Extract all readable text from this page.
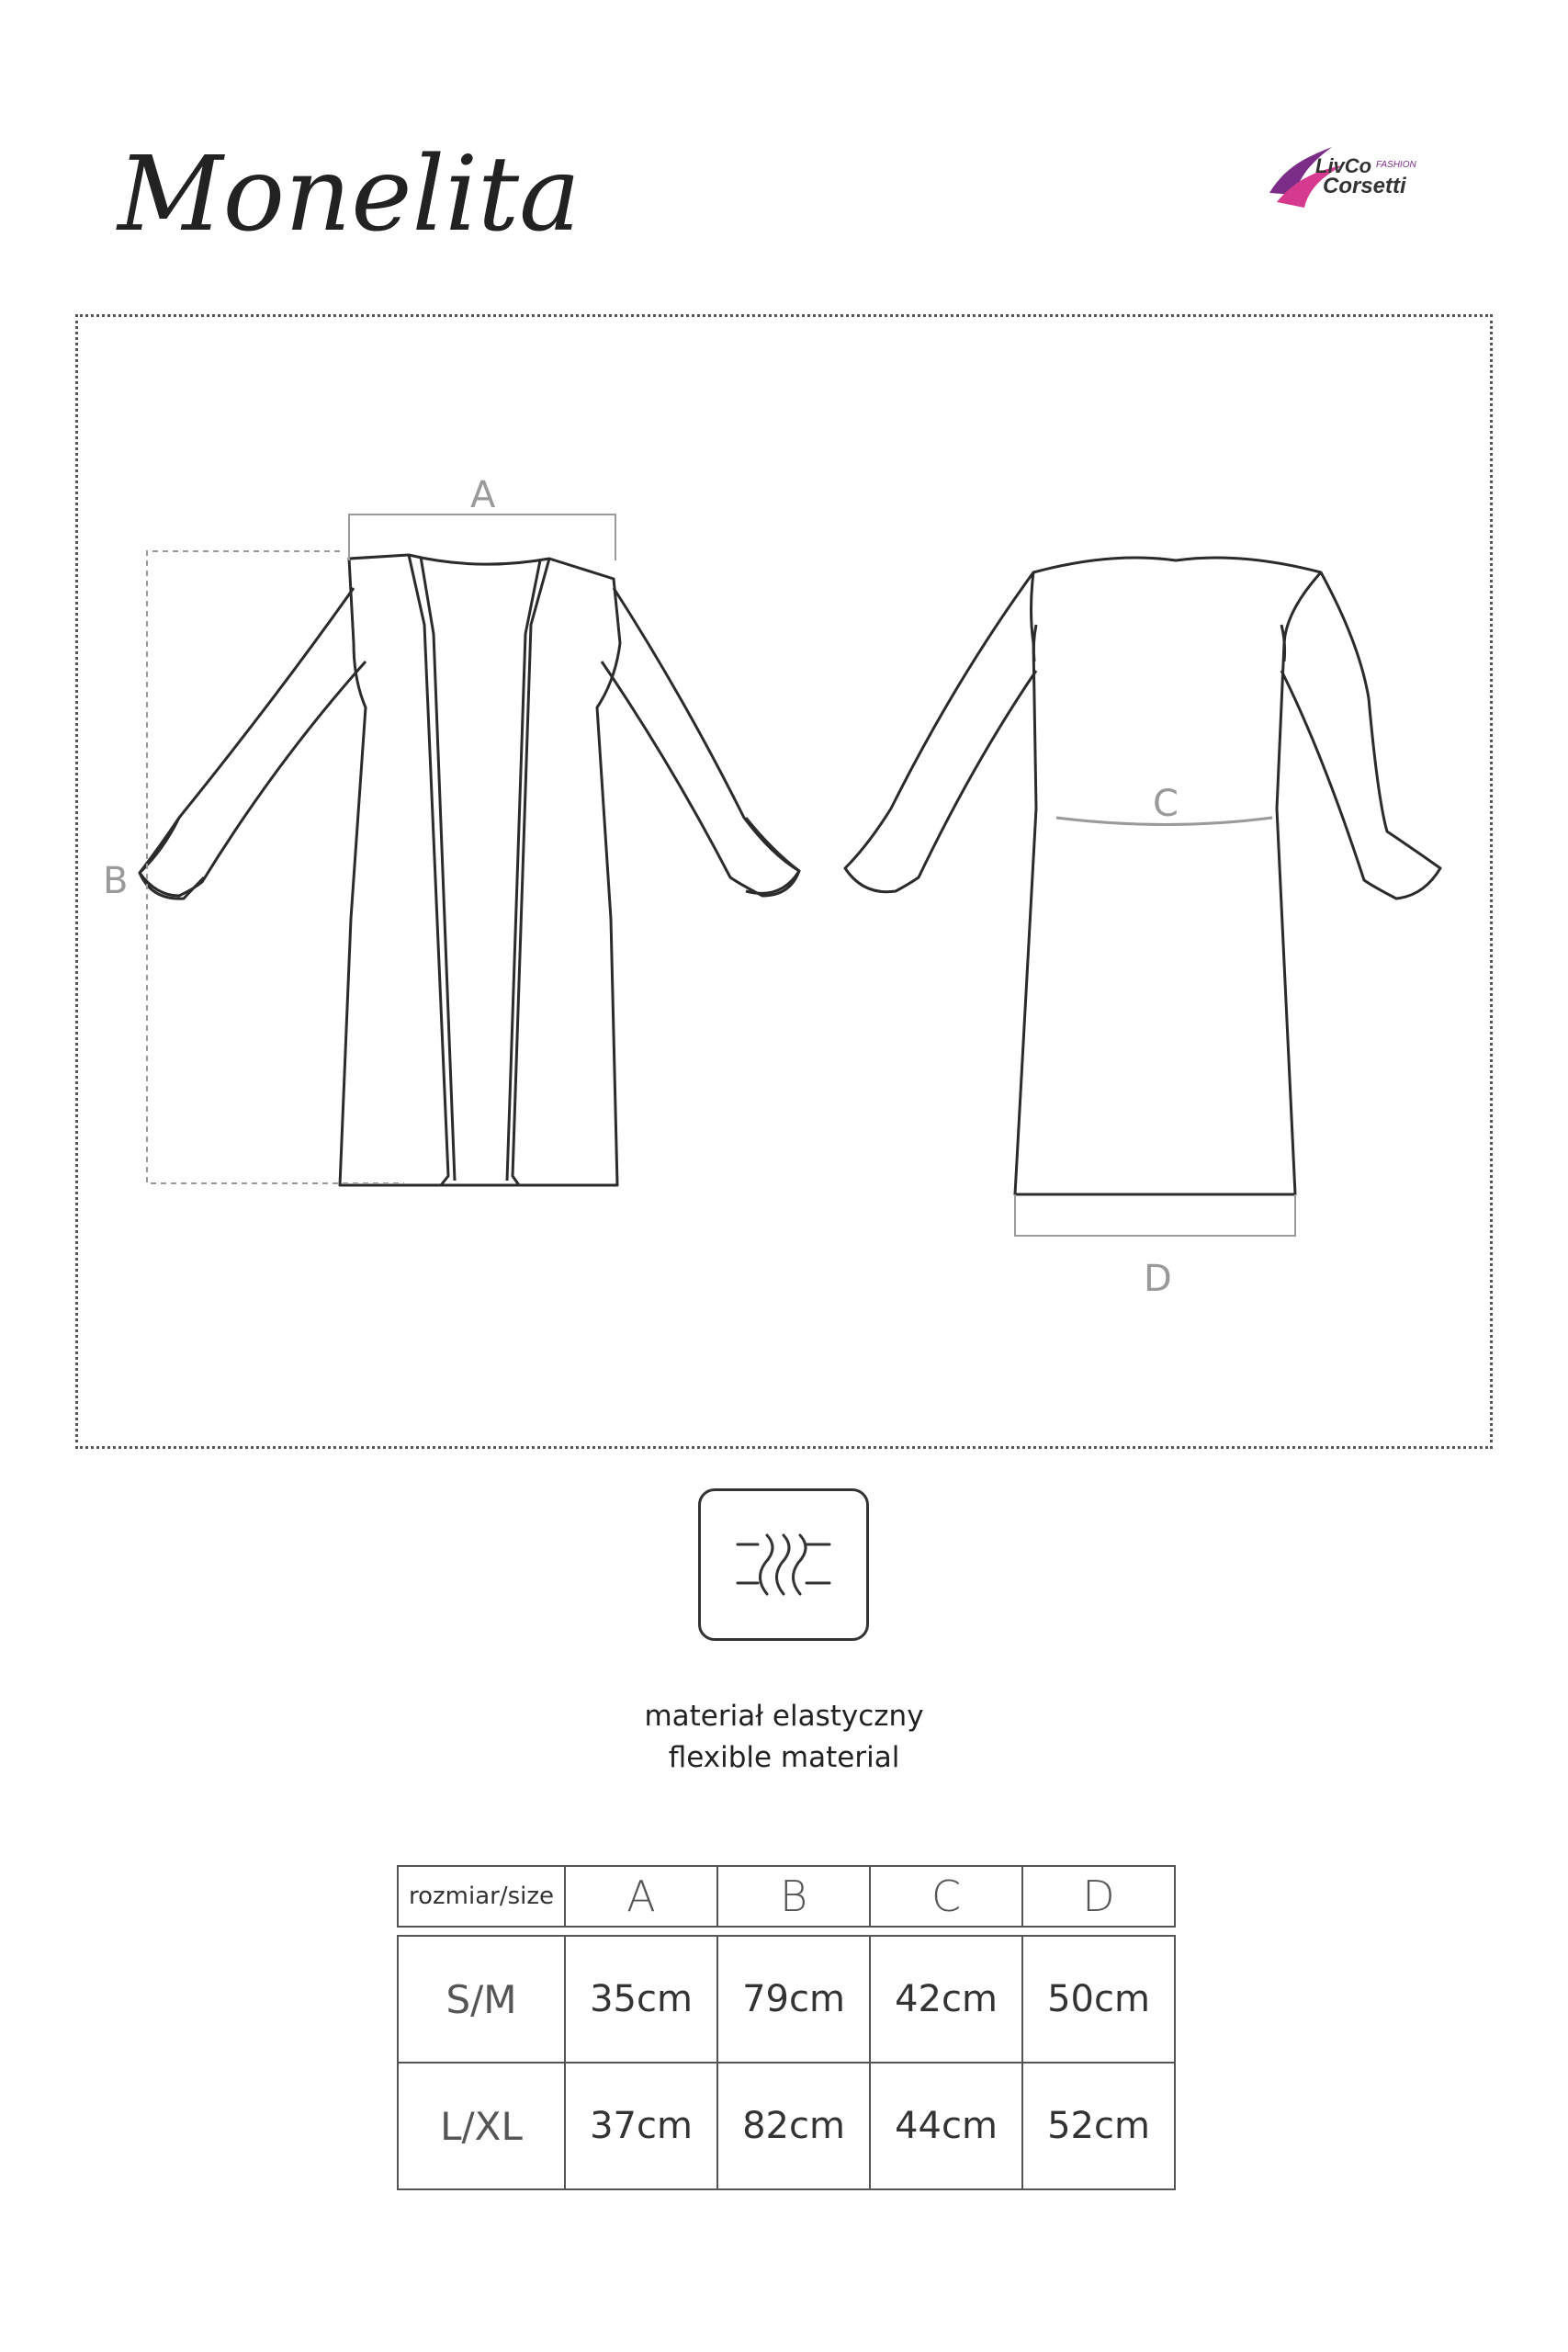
Monelita	LivCo FASHION
Corsetti
A
B
C
D
materiał elastyczny
flexible material
rozmiar/size	A	B	C	D
S/M	35cm	79cm	42cm	50cm
L/XL	37cm	82cm	44cm	52cm
